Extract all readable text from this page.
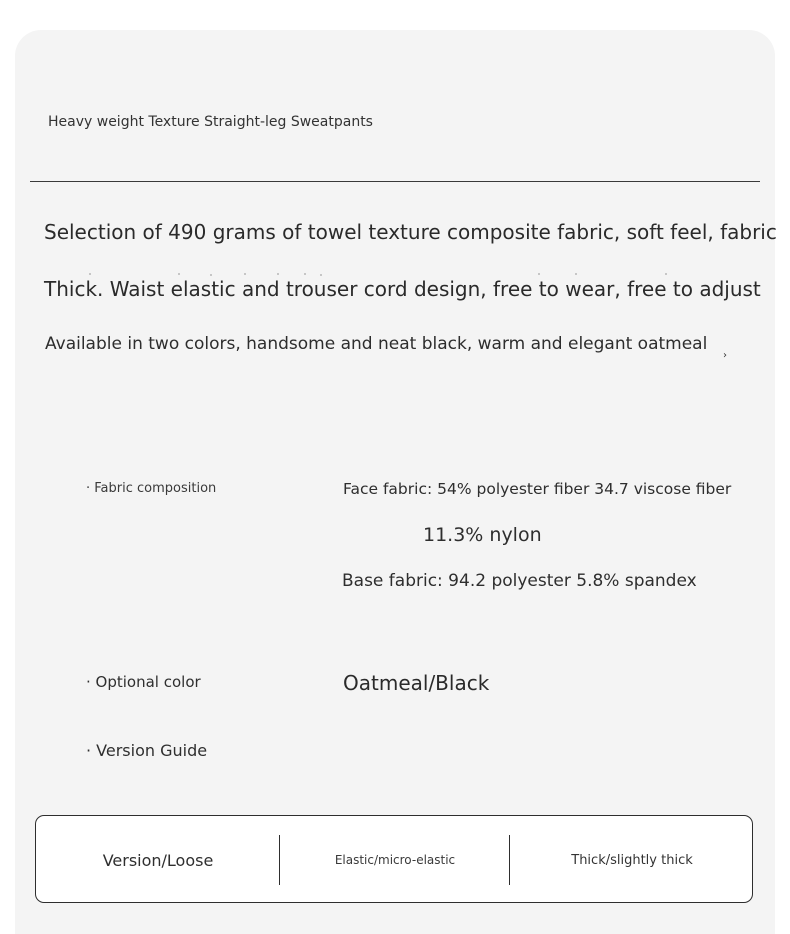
Heavy weight Texture Straight-leg Sweatpants
Selection of 490 grams of towel texture composite fabric, soft feel, fabric
Thick. Waist elastic and trouser cord design, free to wear, free to adjust
Available in two colors, handsome and neat black, warm and elegant oatmeal
›
· Fabric composition	Face fabric: 54% polyester fiber 34.7 viscose fiber
11.3% nylon
Base fabric: 94.2 polyester 5.8% spandex
· Optional color	Oatmeal/Black
· Version Guide
Version/Loose	Elastic/micro-elastic	Thick/slightly thick
